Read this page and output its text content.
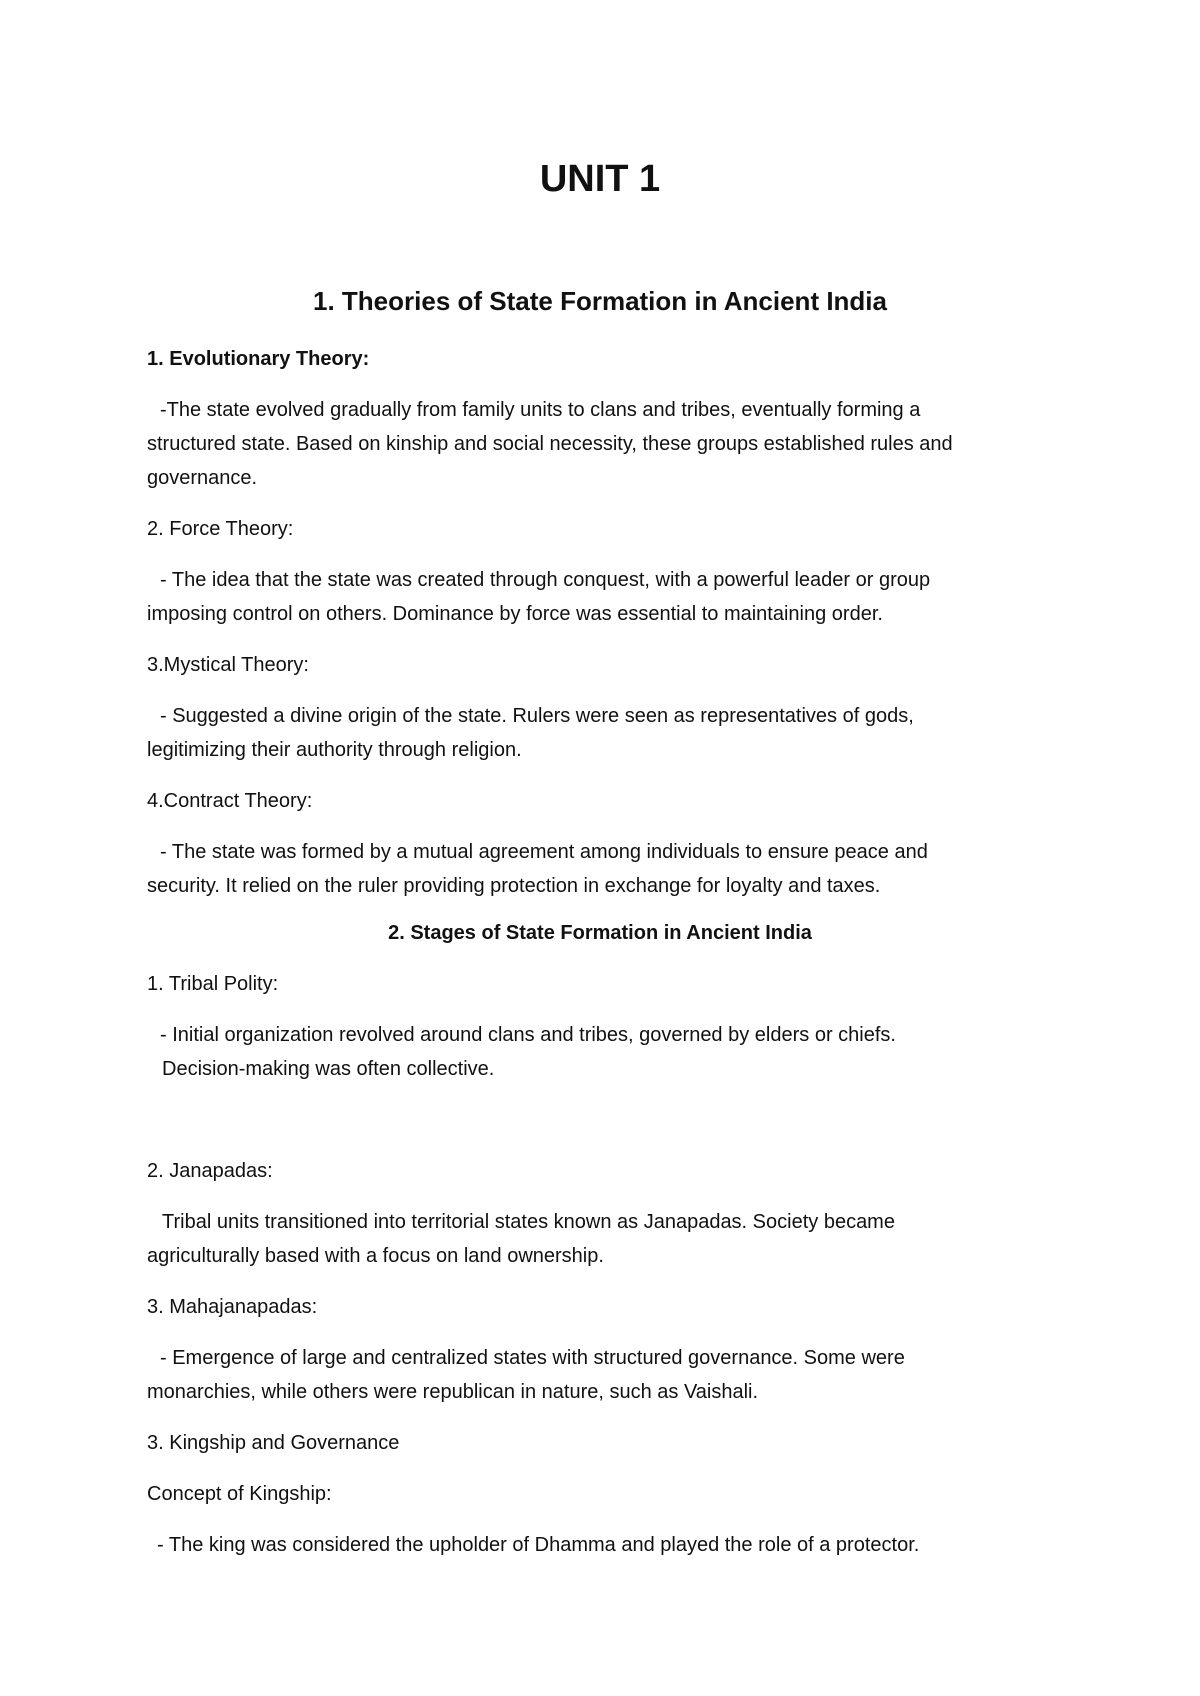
UNIT 1

1. Theories of State Formation in Ancient India

1. Evolutionary Theory:

-The state evolved gradually from family units to clans and tribes, eventually forming a

structured state. Based on kinship and social necessity, these groups established rules and

governance.

2. Force Theory:

- The idea that the state was created through conquest, with a powerful leader or group

imposing control on others. Dominance by force was essential to maintaining order.

3.Mystical Theory:

- Suggested a divine origin of the state. Rulers were seen as representatives of gods,

legitimizing their authority through religion.

4.Contract Theory:

- The state was formed by a mutual agreement among individuals to ensure peace and

security. It relied on the ruler providing protection in exchange for loyalty and taxes.

2. Stages of State Formation in Ancient India

1. Tribal Polity:

- Initial organization revolved around clans and tribes, governed by elders or chiefs.

Decision-making was often collective.

2. Janapadas:

Tribal units transitioned into territorial states known as Janapadas. Society became

agriculturally based with a focus on land ownership.

3. Mahajanapadas:

- Emergence of large and centralized states with structured governance. Some were

monarchies, while others were republican in nature, such as Vaishali.

3. Kingship and Governance

Concept of Kingship:

- The king was considered the upholder of Dhamma and played the role of a protector.
